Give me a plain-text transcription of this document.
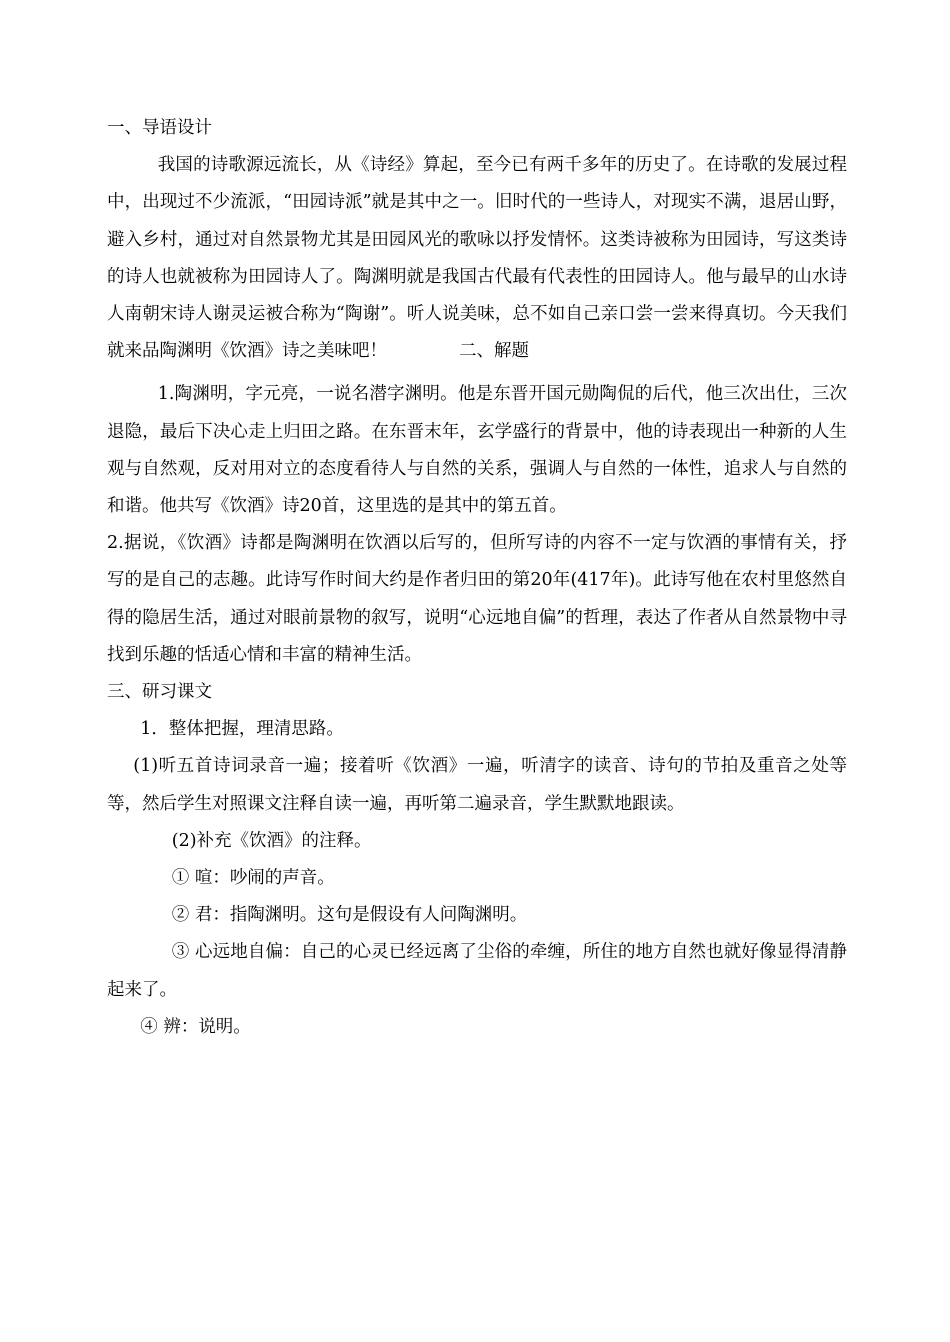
一、导语设计

我国的诗歌源远流长，从《诗经》算起，至今已有两千多年的历史了。在诗歌的发展过程中，出现过不少流派，“田园诗派”就是其中之一。旧时代的一些诗人，对现实不满，退居山野，避入乡村，通过对自然景物尤其是田园风光的歌咏以抒发情怀。这类诗被称为田园诗，写这类诗的诗人也就被称为田园诗人了。陶渊明就是我国古代最有代表性的田园诗人。他与最早的山水诗人南朝宋诗人谢灵运被合称为“陶谢”。听人说美味，总不如自己亲口尝一尝来得真切。今天我们就来品陶渊明《饮酒》诗之美味吧！	二、解题

1.陶渊明，字元亮，一说名潜字渊明。他是东晋开国元勋陶侃的后代，他三次出仕，三次退隐，最后下决心走上归田之路。在东晋末年，玄学盛行的背景中，他的诗表现出一种新的人生观与自然观，反对用对立的态度看待人与自然的关系，强调人与自然的一体性，追求人与自然的和谐。他共写《饮酒》诗20首，这里选的是其中的第五首。

2.据说，《饮酒》诗都是陶渊明在饮酒以后写的，但所写诗的内容不一定与饮酒的事情有关，抒写的是自己的志趣。此诗写作时间大约是作者归田的第20年(417年)。此诗写他在农村里悠然自得的隐居生活，通过对眼前景物的叙写，说明“心远地自偏”的哲理，表达了作者从自然景物中寻找到乐趣的恬适心情和丰富的精神生活。

三、研习课文

1．整体把握，理清思路。

(1)听五首诗词录音一遍；接着听《饮酒》一遍，听清字的读音、诗句的节拍及重音之处等等，然后学生对照课文注释自读一遍，再听第二遍录音，学生默默地跟读。

(2)补充《饮酒》的注释。

① 喧：吵闹的声音。

② 君：指陶渊明。这句是假设有人问陶渊明。

③ 心远地自偏：自己的心灵已经远离了尘俗的牵缠，所住的地方自然也就好像显得清静起来了。

④ 辨：说明。
